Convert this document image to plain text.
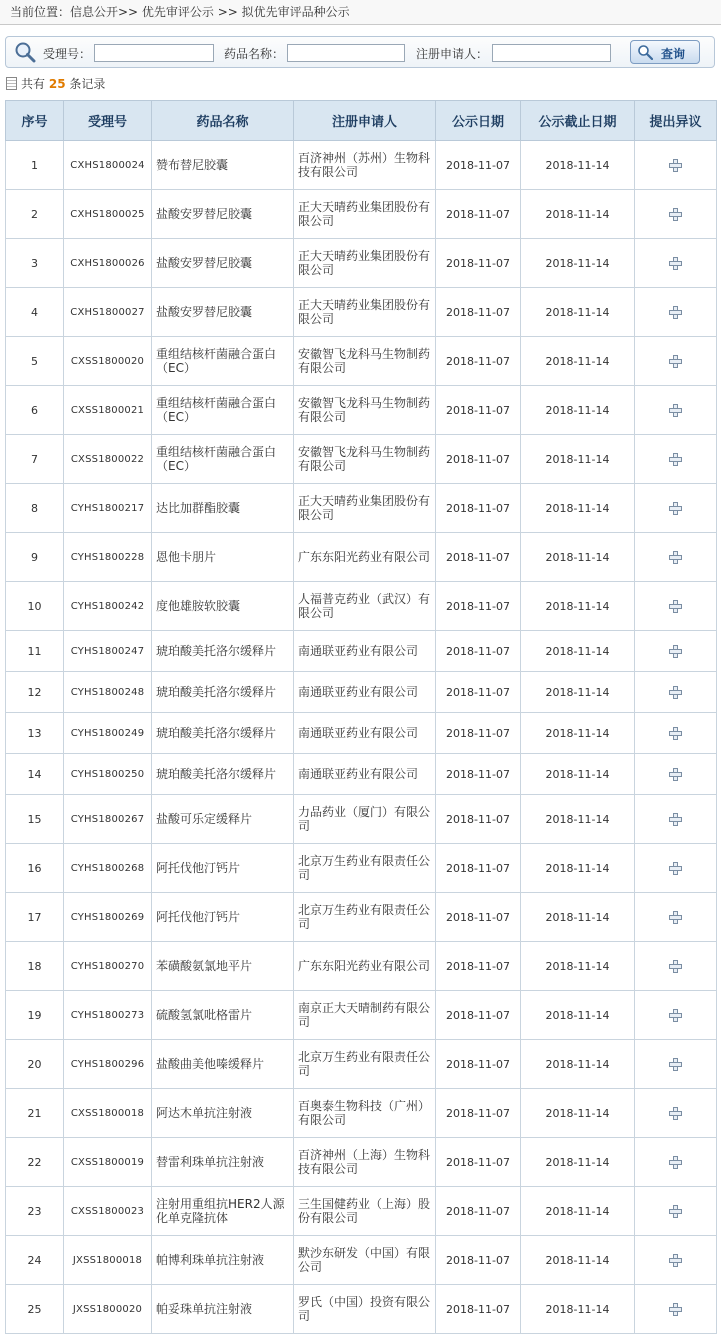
当前位置：信息公开>> 优先审评公示 >> 拟优先审评品种公示
受理号：	药品名称：	注册申请人：	查询
共有 25 条记录
序号	受理号	药品名称	注册申请人	公示日期	公示截止日期	提出异议
1	CXHS1800024	赞布替尼胶囊	百济神州（苏州）生物科技有限公司	2018-11-07	2018-11-14	
2	CXHS1800025	盐酸安罗替尼胶囊	正大天晴药业集团股份有限公司	2018-11-07	2018-11-14	
3	CXHS1800026	盐酸安罗替尼胶囊	正大天晴药业集团股份有限公司	2018-11-07	2018-11-14	
4	CXHS1800027	盐酸安罗替尼胶囊	正大天晴药业集团股份有限公司	2018-11-07	2018-11-14	
5	CXSS1800020	重组结核杆菌融合蛋白（EC）	安徽智飞龙科马生物制药有限公司	2018-11-07	2018-11-14	
6	CXSS1800021	重组结核杆菌融合蛋白（EC）	安徽智飞龙科马生物制药有限公司	2018-11-07	2018-11-14	
7	CXSS1800022	重组结核杆菌融合蛋白（EC）	安徽智飞龙科马生物制药有限公司	2018-11-07	2018-11-14	
8	CYHS1800217	达比加群酯胶囊	正大天晴药业集团股份有限公司	2018-11-07	2018-11-14	
9	CYHS1800228	恩他卡朋片	广东东阳光药业有限公司	2018-11-07	2018-11-14	
10	CYHS1800242	度他雄胺软胶囊	人福普克药业（武汉）有限公司	2018-11-07	2018-11-14	
11	CYHS1800247	琥珀酸美托洛尔缓释片	南通联亚药业有限公司	2018-11-07	2018-11-14	
12	CYHS1800248	琥珀酸美托洛尔缓释片	南通联亚药业有限公司	2018-11-07	2018-11-14	
13	CYHS1800249	琥珀酸美托洛尔缓释片	南通联亚药业有限公司	2018-11-07	2018-11-14	
14	CYHS1800250	琥珀酸美托洛尔缓释片	南通联亚药业有限公司	2018-11-07	2018-11-14	
15	CYHS1800267	盐酸可乐定缓释片	力品药业（厦门）有限公司	2018-11-07	2018-11-14	
16	CYHS1800268	阿托伐他汀钙片	北京万生药业有限责任公司	2018-11-07	2018-11-14	
17	CYHS1800269	阿托伐他汀钙片	北京万生药业有限责任公司	2018-11-07	2018-11-14	
18	CYHS1800270	苯磺酸氨氯地平片	广东东阳光药业有限公司	2018-11-07	2018-11-14	
19	CYHS1800273	硫酸氢氯吡格雷片	南京正大天晴制药有限公司	2018-11-07	2018-11-14	
20	CYHS1800296	盐酸曲美他嗪缓释片	北京万生药业有限责任公司	2018-11-07	2018-11-14	
21	CXSS1800018	阿达木单抗注射液	百奥泰生物科技（广州）有限公司	2018-11-07	2018-11-14	
22	CXSS1800019	替雷利珠单抗注射液	百济神州（上海）生物科技有限公司	2018-11-07	2018-11-14	
23	CXSS1800023	注射用重组抗HER2人源化单克隆抗体	三生国健药业（上海）股份有限公司	2018-11-07	2018-11-14	
24	JXSS1800018	帕博利珠单抗注射液	默沙东研发（中国）有限公司	2018-11-07	2018-11-14	
25	JXSS1800020	帕妥珠单抗注射液	罗氏（中国）投资有限公司	2018-11-07	2018-11-14	
